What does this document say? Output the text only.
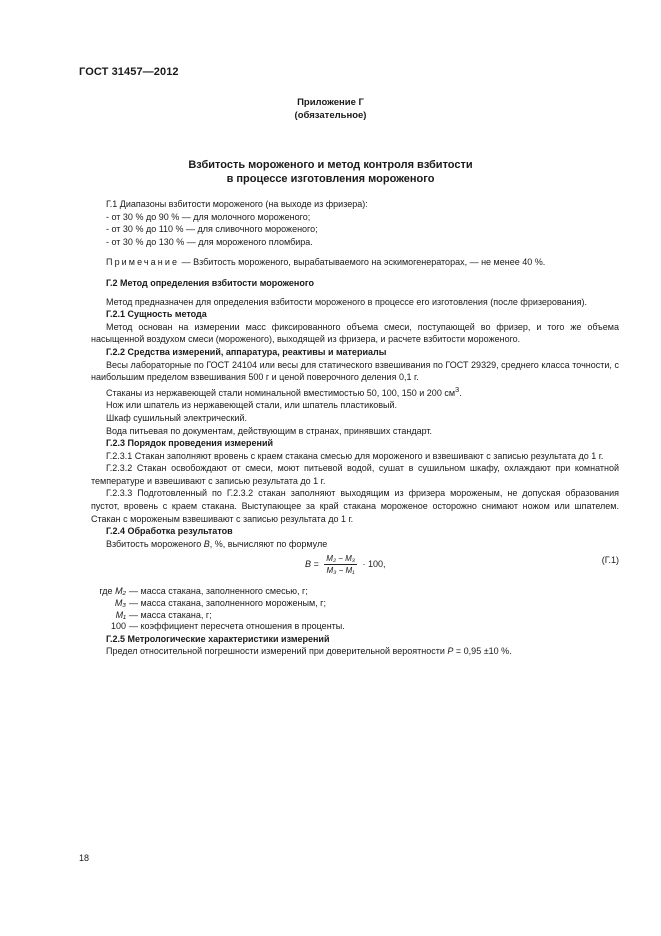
ГОСТ 31457—2012
Приложение Г
(обязательное)
Взбитость мороженого и метод контроля взбитости
в процессе изготовления мороженого

Г.1 Диапазоны взбитости мороженого (на выходе из фризера):

- от 30 % до 90 % — для молочного мороженого;

- от 30 % до 110 % — для сливочного мороженого;

- от 30 % до 130 % — для мороженого пломбира.

Примечание — Взбитость мороженого, вырабатываемого на эскимогенераторах, — не менее 40 %.

Г.2 Метод определения взбитости мороженого

Метод предназначен для определения взбитости мороженого в процессе его изготовления (после фризерования).

Г.2.1 Сущность метода

Метод основан на измерении масс фиксированного объема смеси, поступающей во фризер, и того же объема насыщенной воздухом смеси (мороженого), выходящей из фризера, и расчете взбитости мороженого.

Г.2.2 Средства измерений, аппаратура, реактивы и материалы

Весы лабораторные по ГОСТ 24104 или весы для статического взвешивания по ГОСТ 29329, среднего класса точности, с наибольшим пределом взвешивания 500 г и ценой поверочного деления 0,1 г.

Стаканы из нержавеющей стали номинальной вместимостью 50, 100, 150 и 200 $см^3$.

Нож или шпатель из нержавеющей стали, или шпатель пластиковый.

Шкаф сушильный электрический.

Вода питьевая по документам, действующим в странах, принявших стандарт.

Г.2.3 Порядок проведения измерений

Г.2.3.1 Стакан заполняют вровень с краем стакана смесью для мороженого и взвешивают с записью результата до 1 г.

Г.2.3.2 Стакан освобождают от смеси, моют питьевой водой, сушат в сушильном шкафу, охлаждают при комнатной температуре и взвешивают с записью результата до 1 г.

Г.2.3.3 Подготовленный по Г.2.3.2 стакан заполняют выходящим из фризера мороженым, не допуская образования пустот, вровень с краем стакана. Выступающее за край стакана мороженое осторожно снимают ножом или шпателем. Стакан с мороженым взвешивают с записью результата до 1 г.

Г.2.4 Обработка результатов

Взбитость мороженого В, %, вычисляют по формуле

$В = \frac{\text{M₂ − M₃}}{\text{M₃ − M₁}} \cdot 100$,	(Г.1)
где M₂ — масса стакана, заполненного смесью, г;
M₃ — масса стакана, заполненного мороженым, г;
M₁ — масса стакана, г;
100 — коэффициент пересчета отношения в проценты.

Г.2.5 Метрологические характеристики измерений

Предел относительной погрешности измерений при доверительной вероятности Р = 0,95 ±10 %.

18
